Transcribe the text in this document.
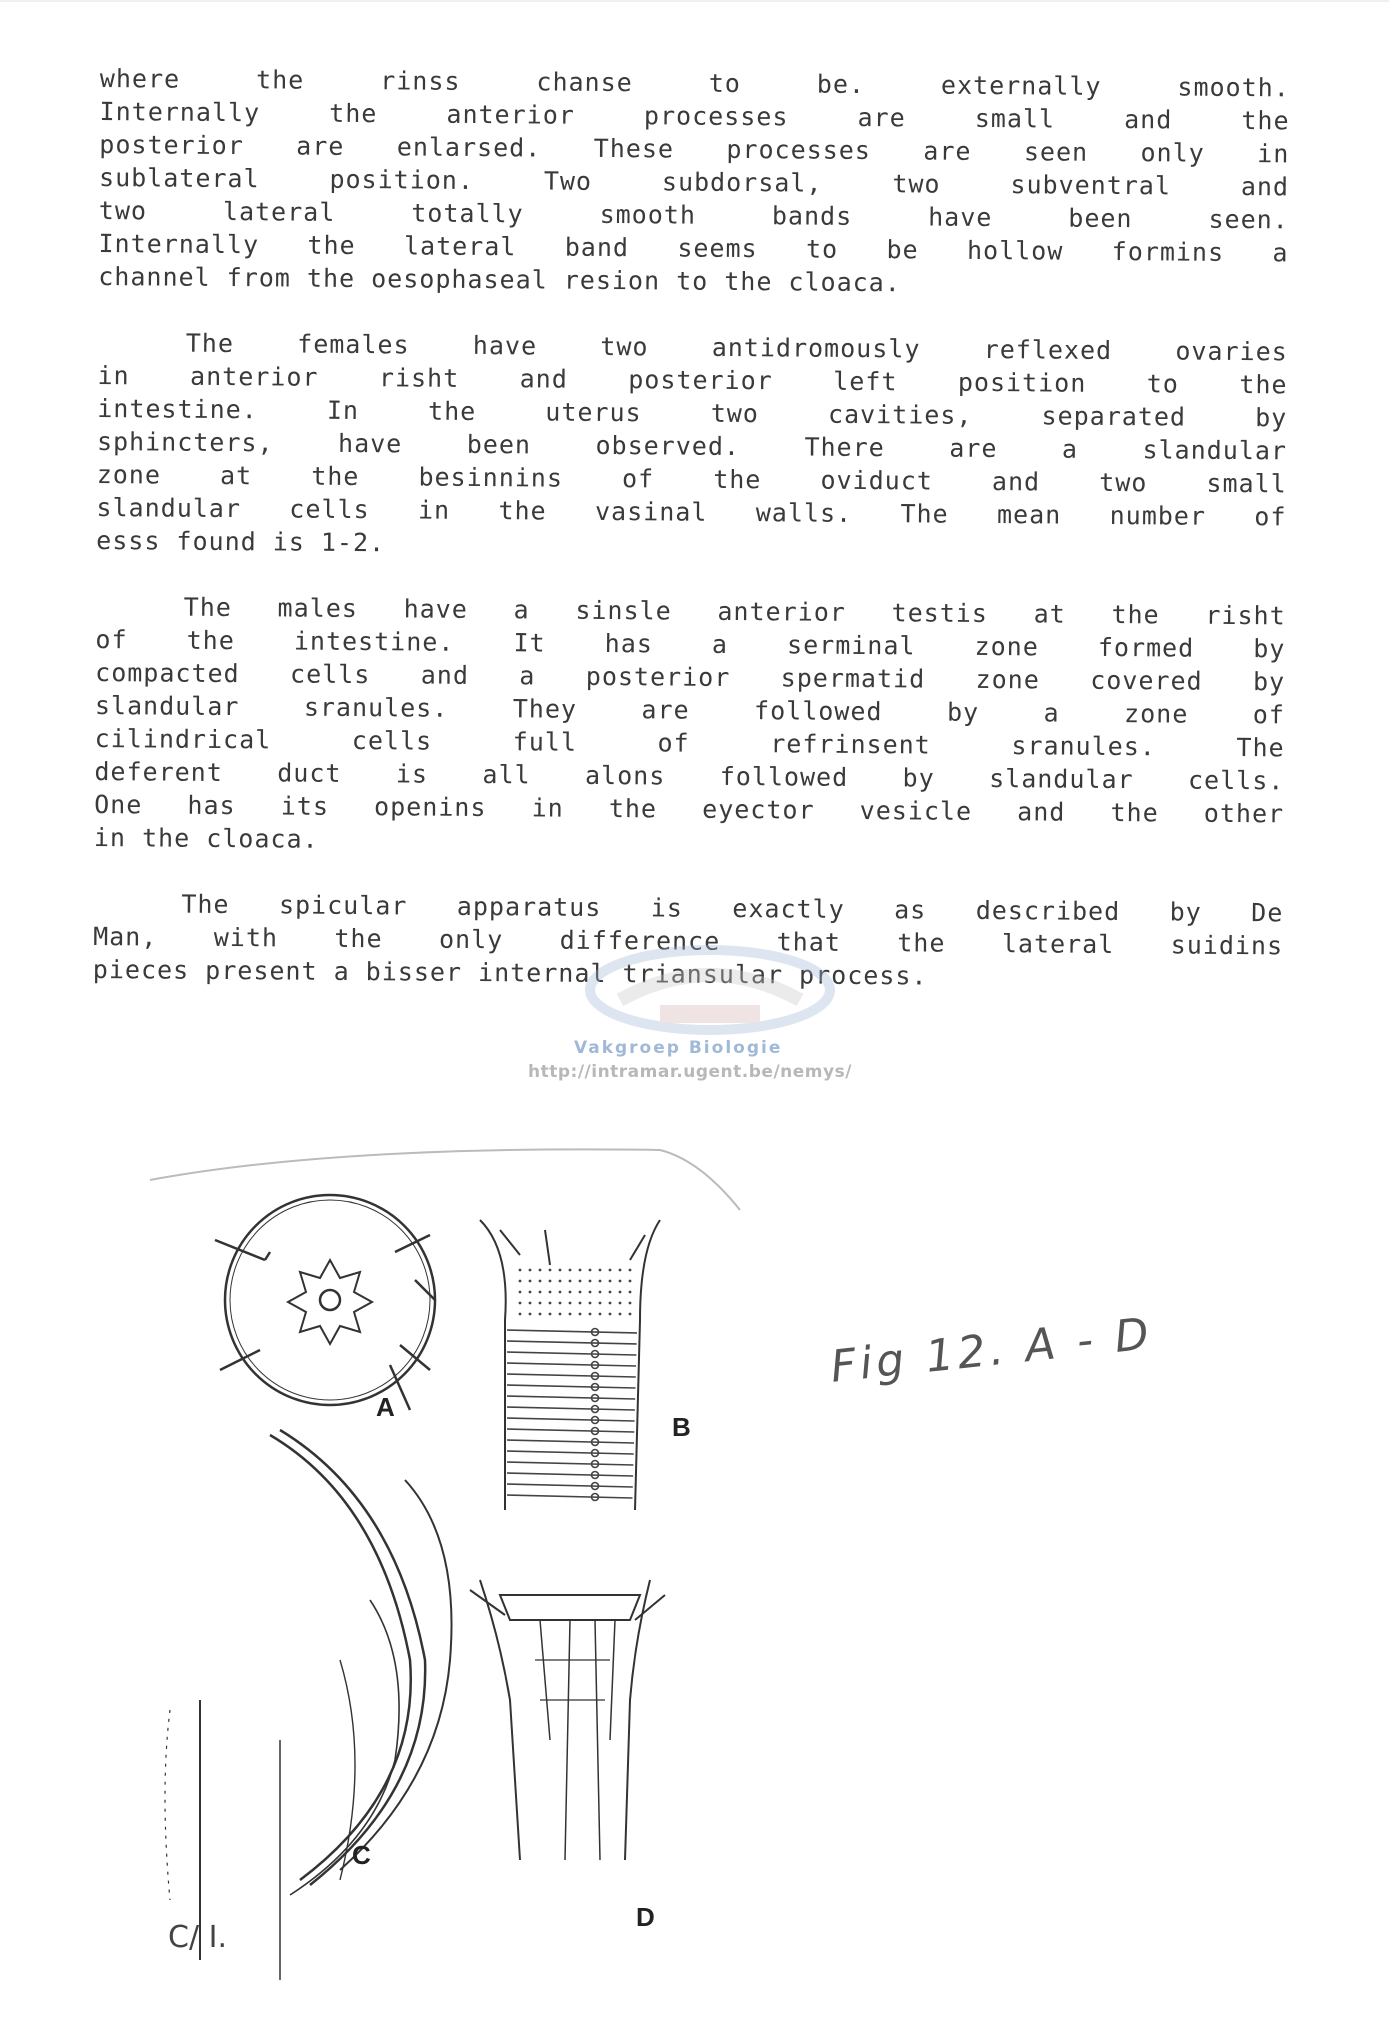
where the rinss chanse to be. externally smooth.
Internally the anterior processes are small and the
posterior are enlarsed. These processes are seen only in
sublateral position. Two subdorsal, two subventral and
two lateral totally smooth bands have been seen.
Internally the lateral band seems to be hollow formins a
channel from the oesophaseal resion to the cloaca.
The females have two antidromously reflexed ovaries
in anterior risht and posterior left position to the
intestine. In the uterus two cavities, separated by
sphincters, have been observed. There are a slandular
zone at the besinnins of the oviduct and two small
slandular cells in the vasinal walls. The mean number of
esss found is 1-2.
The males have a sinsle anterior testis at the risht
of the intestine. It has a serminal zone formed by
compacted cells and a posterior spermatid zone covered by
slandular sranules. They are followed by a zone of
cilindrical cells full of refrinsent sranules. The
deferent duct is all alons followed by slandular cells.
One has its openins in the eyector vesicle and the other
in the cloaca.
The spicular apparatus is exactly as described by De
Man, with the only difference that the lateral suidins
pieces present a bisser internal triansular process.
Vakgroep Biologie
http://intramar.ugent.be/nemys/
A
B
C
D
Fig 12. A - D
C/ I.
